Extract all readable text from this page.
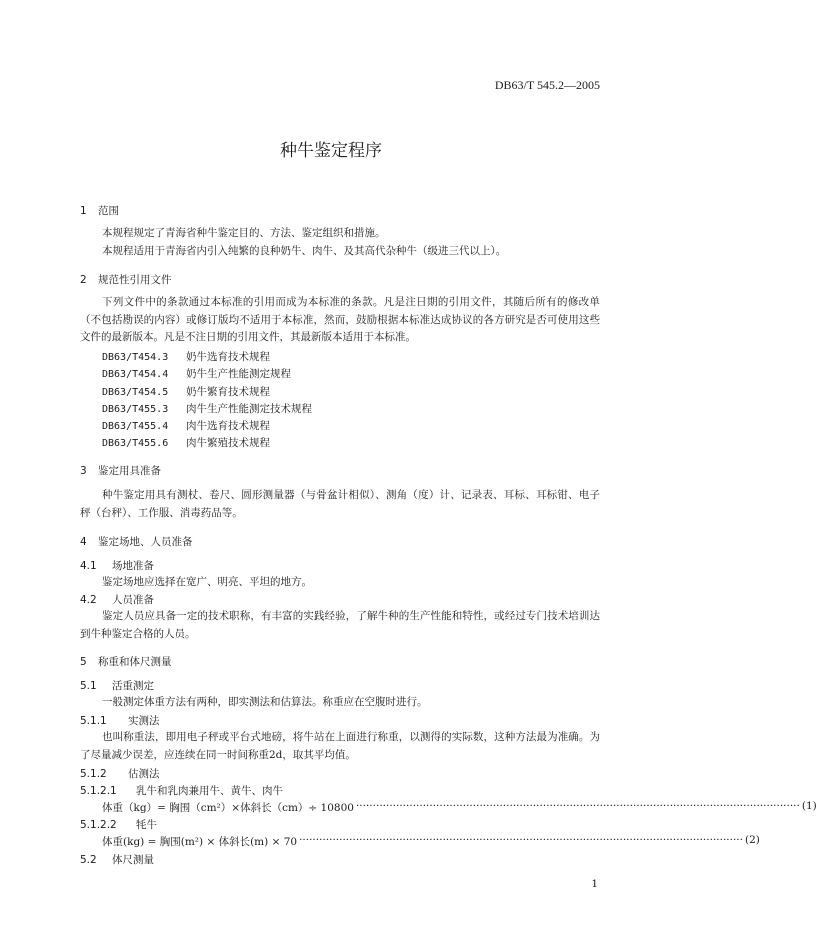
DB63/T 545.2—2005
种牛鉴定程序
1 范围
本规程规定了青海省种牛鉴定目的、方法、鉴定组织和措施。
本规程适用于青海省内引入纯繁的良种奶牛、肉牛、及其高代杂种牛（级进三代以上）。
2 规范性引用文件
下列文件中的条款通过本标准的引用而成为本标准的条款。凡是注日期的引用文件，其随后所有的修改单（不包括勘误的内容）或修订版均不适用于本标准，然而，鼓励根据本标准达成协议的各方研究是否可使用这些文件的最新版本。凡是不注日期的引用文件，其最新版本适用于本标准。
DB63/T454.3 奶牛选育技术规程
DB63/T454.4 奶牛生产性能测定规程
DB63/T454.5 奶牛繁育技术规程
DB63/T455.3 肉牛生产性能测定技术规程
DB63/T455.4 肉牛选育技术规程
DB63/T455.6 肉牛繁殖技术规程
3 鉴定用具准备
种牛鉴定用具有测杖、卷尺、圆形测量器（与骨盆计相似）、测角（度）计、记录表、耳标、耳标钳、电子秤（台秤）、工作服、消毒药品等。
4 鉴定场地、人员准备
4.1 场地准备
鉴定场地应选择在宽广、明亮、平坦的地方。
4.2 人员准备
鉴定人员应具备一定的技术职称，有丰富的实践经验，了解牛种的生产性能和特性，或经过专门技术培训达到牛种鉴定合格的人员。
5 称重和体尺测量
5.1 活重测定
一般测定体重方法有两种，即实测法和估算法。称重应在空腹时进行。
5.1.1 实测法
也叫称重法，即用电子秤或平台式地磅，将牛站在上面进行称重，以测得的实际数，这种方法最为准确。为了尽量减少误差，应连续在同一时间称重2d，取其平均值。
5.1.2 估测法
5.1.2.1 乳牛和乳肉兼用牛、黄牛、肉牛
体重（kg）= 胸围（cm²）×体斜长（cm）÷ 10800 ····································································································································· (1)
5.1.2.2 牦牛
体重(kg) = 胸围(m²) × 体斜长(m) × 70 ····································································································································· (2)
5.2 体尺测量
1
